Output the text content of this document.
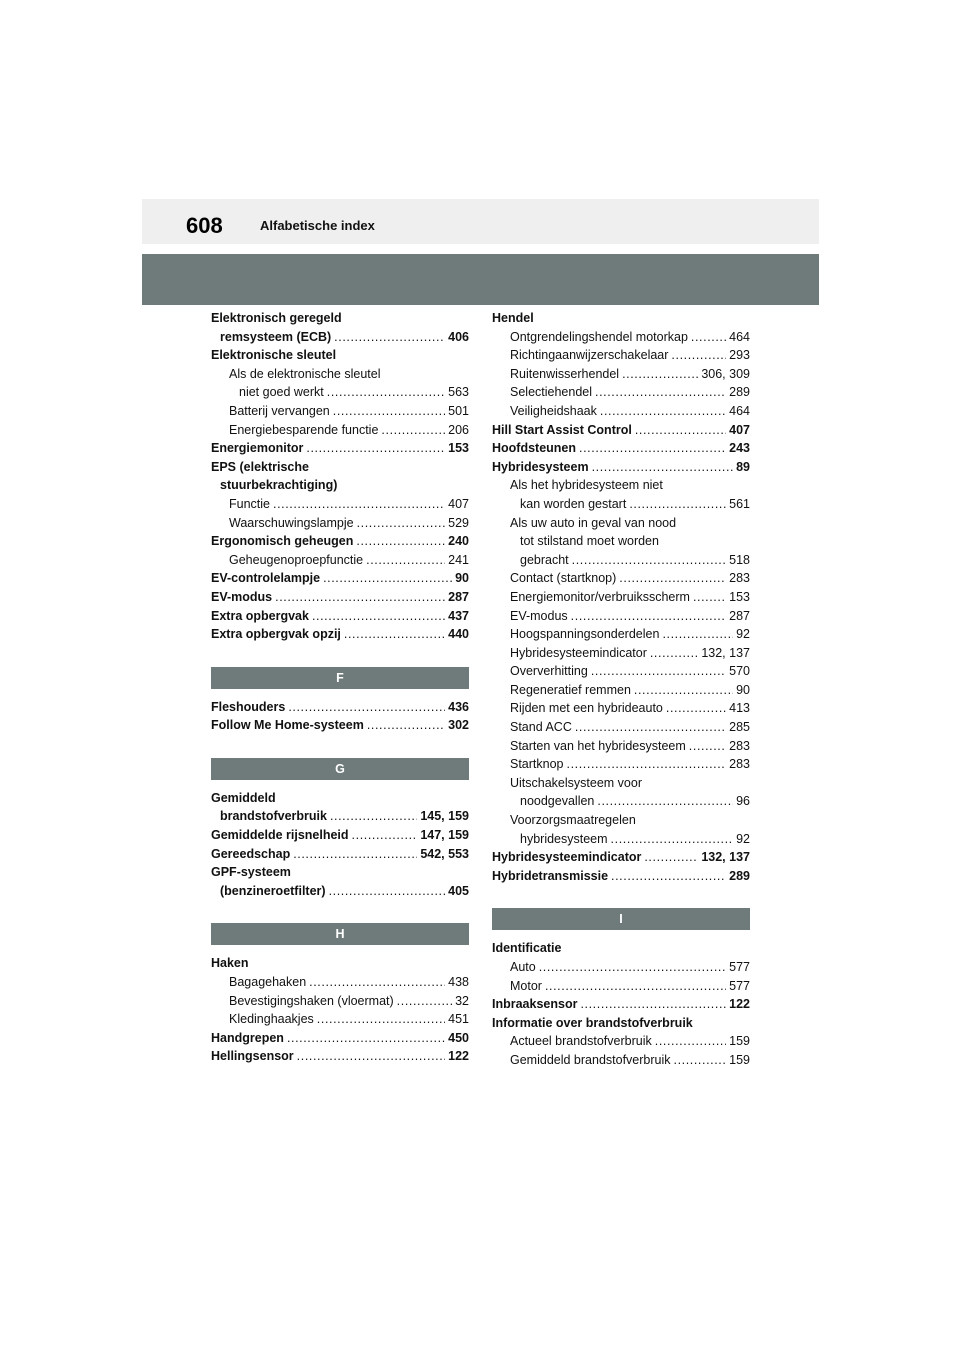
608	Alfabetische index
Elektronisch geregeld
remsysteem (ECB) .....	406
Elektronische sleutel
Als de elektronische sleutel
niet goed werkt .....	563
Batterij vervangen .....	501
Energiebesparende functie .....	206
Energiemonitor .....	153
EPS (elektrische
stuurbekrachtiging)
Functie .....	407
Waarschuwingslampje .....	529
Ergonomisch geheugen .....	240
Geheugenoproepfunctie .....	241
EV-controlelampje .....	90
EV-modus .....	287
Extra opbergvak .....	437
Extra opbergvak opzij .....	440
F
Fleshouders .....	436
Follow Me Home-systeem .....	302
G
Gemiddeld
brandstofverbruik .....	145, 159
Gemiddelde rijsnelheid .....	147, 159
Gereedschap .....	542, 553
GPF-systeem
(benzineroetfilter) .....	405
H
Haken
Bagagehaken .....	438
Bevestigingshaken (vloermat) .....	32
Kledinghaakjes .....	451
Handgrepen .....	450
Hellingsensor .....	122
Hendel
Ontgrendelingshendel motorkap .....	464
Richtingaanwijzerschakelaar .....	293
Ruitenwisserhendel .....	306, 309
Selectiehendel .....	289
Veiligheidshaak .....	464
Hill Start Assist Control .....	407
Hoofdsteunen .....	243
Hybridesysteem .....	89
Als het hybridesysteem niet
kan worden gestart .....	561
Als uw auto in geval van nood
tot stilstand moet worden
gebracht .....	518
Contact (startknop) .....	283
Energiemonitor/verbruiksscherm .....	153
EV-modus .....	287
Hoogspanningsonderdelen .....	92
Hybridesysteemindicator .....	132, 137
Oververhitting .....	570
Regeneratief remmen .....	90
Rijden met een hybrideauto .....	413
Stand ACC .....	285
Starten van het hybridesysteem .....	283
Startknop .....	283
Uitschakelsysteem voor
noodgevallen .....	96
Voorzorgsmaatregelen
hybridesysteem .....	92
Hybridesysteemindicator .....	132, 137
Hybridetransmissie .....	289
I
Identificatie
Auto .....	577
Motor .....	577
Inbraaksensor .....	122
Informatie over brandstofverbruik
Actueel brandstofverbruik .....	159
Gemiddeld brandstofverbruik .....	159
